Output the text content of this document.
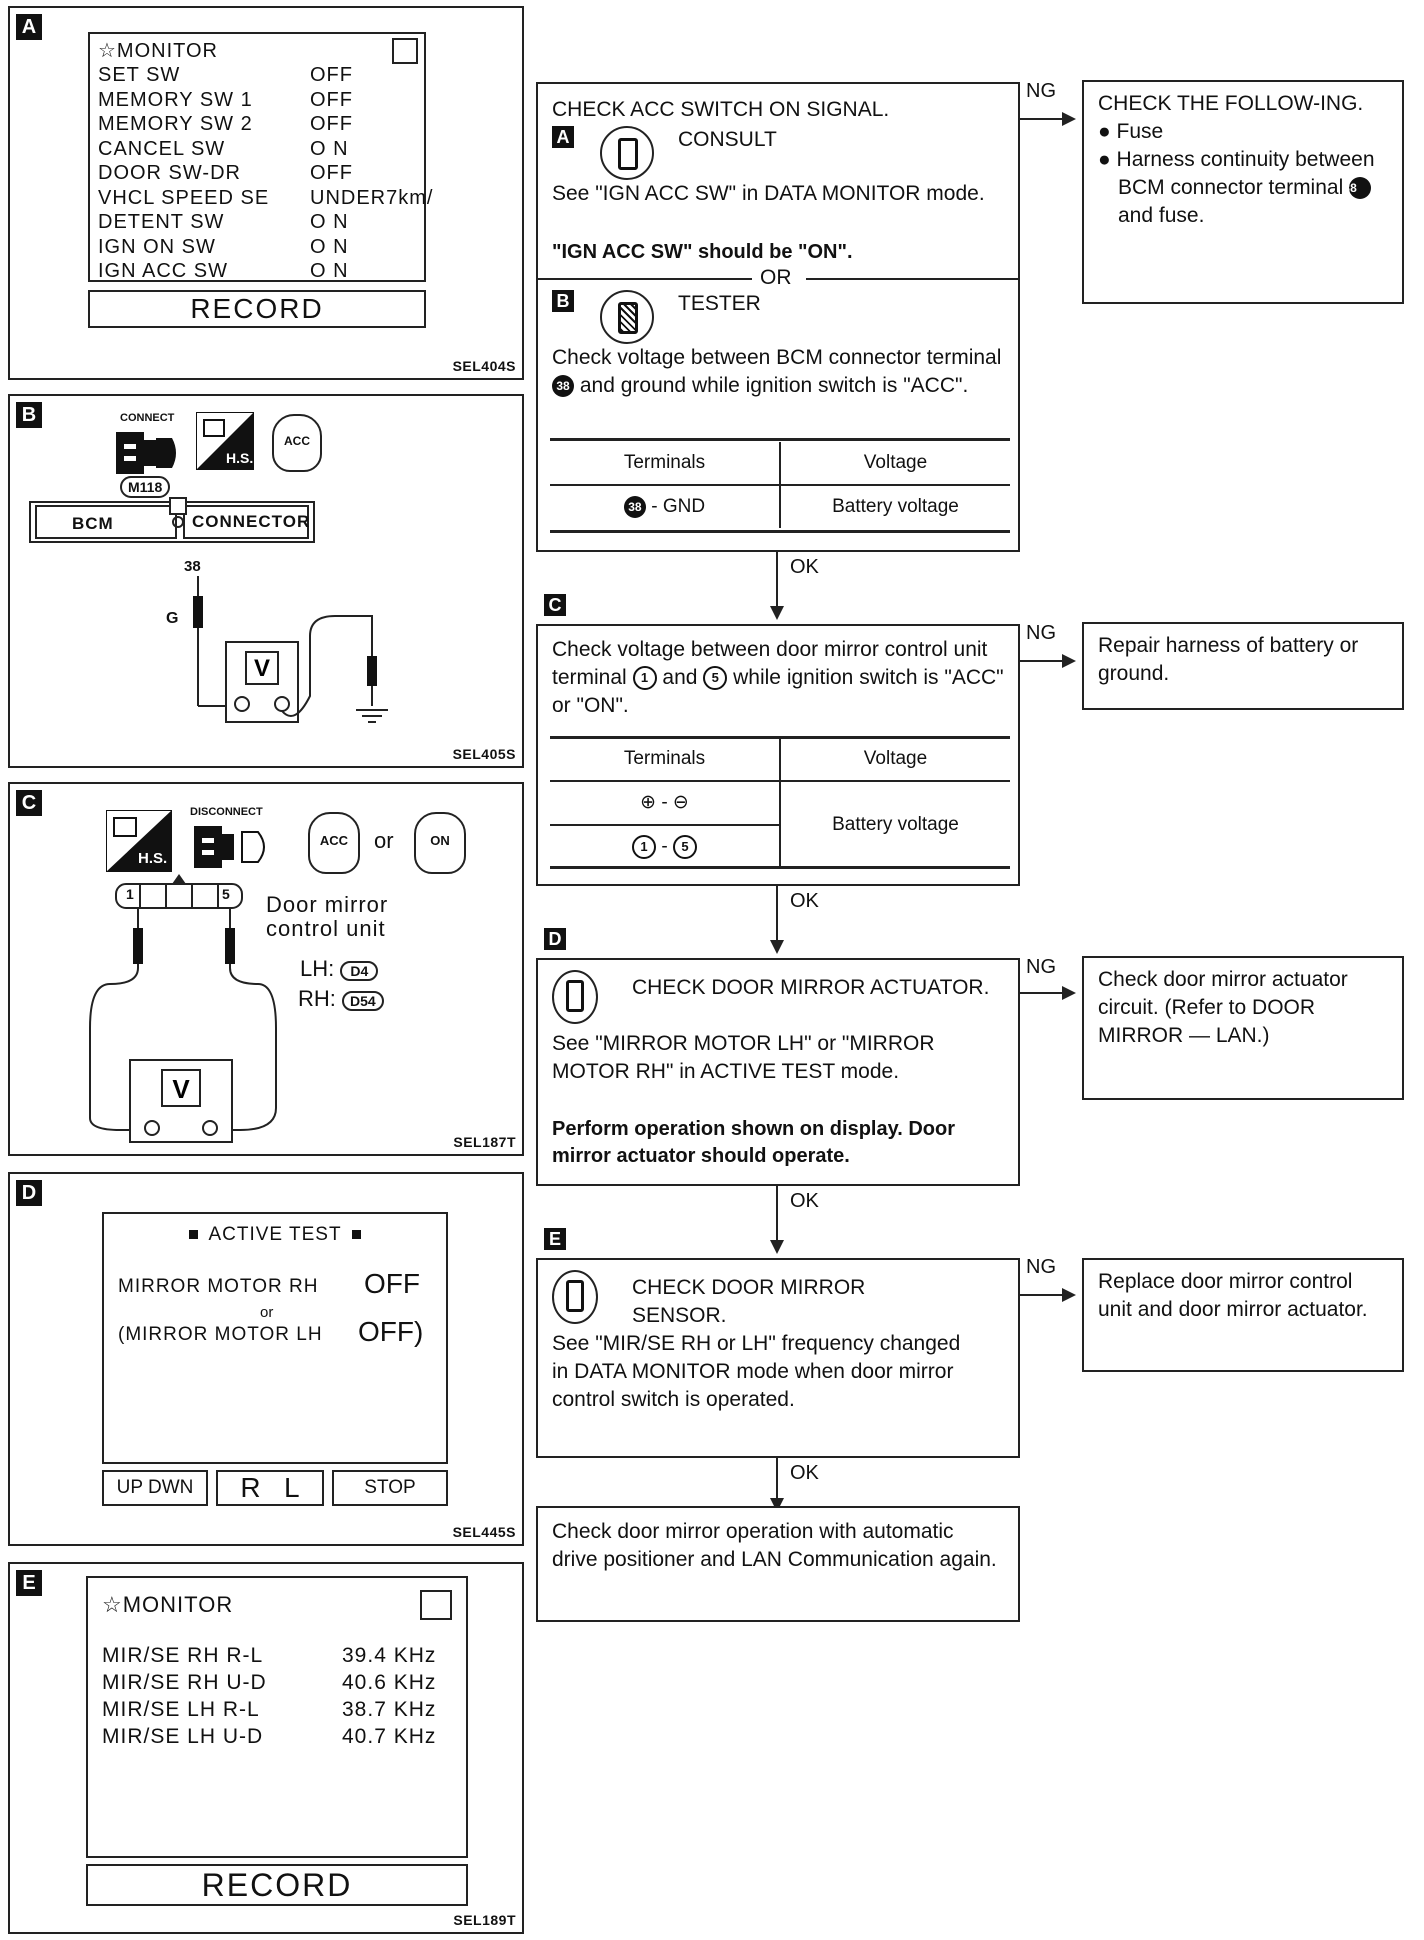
A
☆MONITOR
SET SW	OFF
MEMORY SW 1	OFF
MEMORY SW 2	OFF
CANCEL SW	O N
DOOR SW-DR	OFF
VHCL SPEED SE UNDER7km/
DETENT SW	O N
IGN ON SW	O N
IGN ACC SW	O N
RECORD
SEL404S
B	CONNECT
H.S.
ACC
M118
BCM	CONNECTOR
38
G
V
SEL405S
C
H.S.
DISCONNECT
ACC	or	ON
1	5 Door mirror
control unit
LH: D4
RH: D54
V
SEL187T
D
ACTIVE TEST
MIRROR MOTOR RH OFF
or
(MIRROR MOTOR LH OFF)
UP DWN	R   L	STOP
SEL445S
E
☆MONITOR
MIR/SE RH R-L	39.4 KHz
MIR/SE RH U-D	40.6 KHz
MIR/SE LH R-L	38.7 KHz
MIR/SE LH U-D	40.7 KHz
RECORD
SEL189T
CHECK ACC SWITCH ON SIGNAL.
A	CONSULT
See "IGN ACC SW" in DATA MONITOR mode.
"IGN ACC SW" should be "ON".
OR
B	TESTER
Check voltage between BCM connector terminal 38 and ground while ignition switch is "ACC".
Terminals	Voltage
38 - GND	Battery voltage
NG

CHECK THE FOLLOW-ING.

● Fuse

● Harness continuity between BCM connector terminal 38 and fuse.

OK
C
Check voltage between door mirror control unit terminal 1 and 5 while ignition switch is "ACC" or "ON".
Terminals	Voltage
⊕ - ⊖	Battery voltage
1 - 5	
NG

Repair harness of battery or ground.

OK
D
CHECK DOOR MIRROR ACTUATOR.
See "MIRROR MOTOR LH" or "MIRROR MOTOR RH" in ACTIVE TEST mode.
Perform operation shown on display. Door mirror actuator should operate.
NG

Check door mirror actuator circuit. (Refer to DOOR MIRROR — LAN.)

OK
E
CHECK DOOR MIRROR SENSOR.
See "MIR/SE RH or LH" frequency changed in DATA MONITOR mode when door mirror control switch is operated.
NG

Replace door mirror control unit and door mirror actuator.

OK

Check door mirror operation with automatic drive positioner and LAN Communication again.
